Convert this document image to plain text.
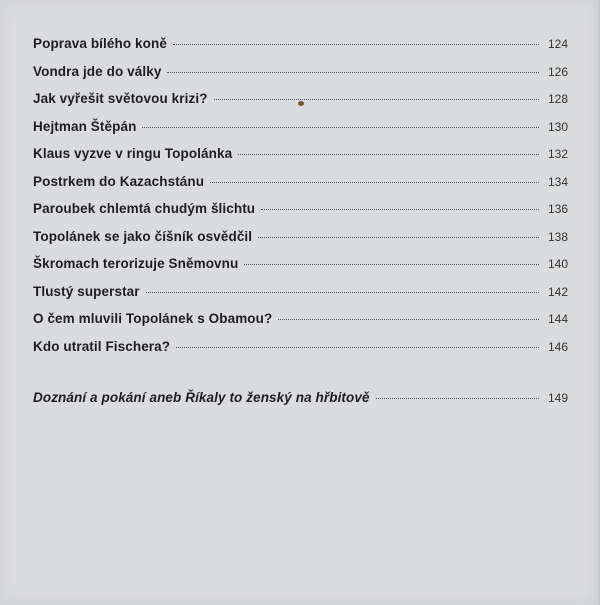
Poprava bílého koně	124
Vondra jde do války	126
Jak vyřešit světovou krizi?	128
Hejtman Štěpán	130
Klaus vyzve v ringu Topolánka	132
Postrkem do Kazachstánu	134
Paroubek chlemtá chudým šlichtu	136
Topolánek se jako číšník osvědčil	138
Škromach terorizuje Sněmovnu	140
Tlustý superstar	142
O čem mluvili Topolánek s Obamou?	144
Kdo utratil Fischera?	146
Doznání a pokání aneb Říkaly to ženský na hřbitově	149
